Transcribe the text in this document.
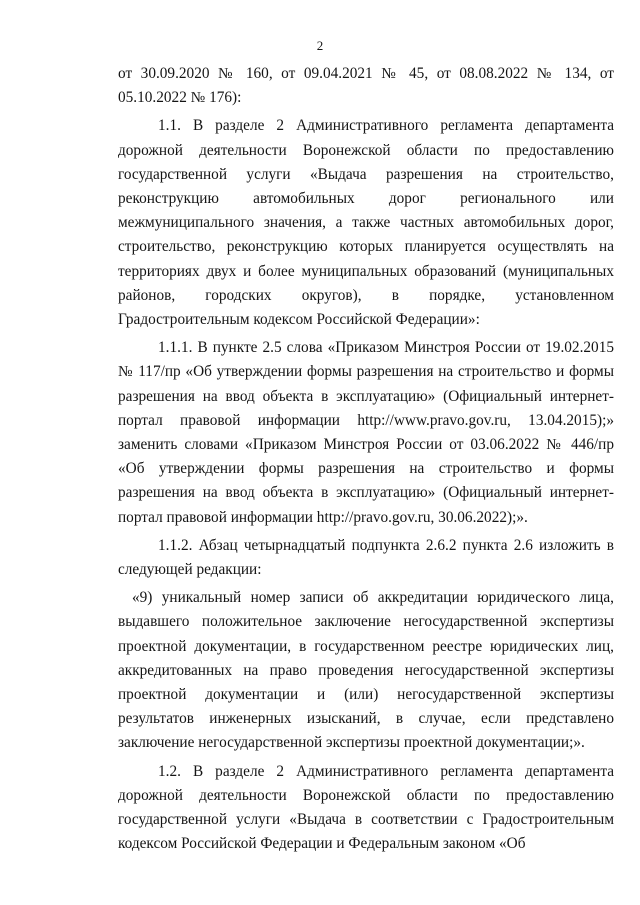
2

от 30.09.2020 № 160, от 09.04.2021 № 45, от 08.08.2022 № 134, от 05.10.2022 № 176):

1.1. В разделе 2 Административного регламента департамента дорожной деятельности Воронежской области по предоставлению государственной услуги «Выдача разрешения на строительство, реконструкцию автомобильных дорог регионального или межмуниципального значения, а также частных автомобильных дорог, строительство, реконструкцию которых планируется осуществлять на территориях двух и более муниципальных образований (муниципальных районов, городских округов), в порядке, установленном Градостроительным кодексом Российской Федерации»:

1.1.1. В пункте 2.5 слова «Приказом Минстроя России от 19.02.2015 № 117/пр «Об утверждении формы разрешения на строительство и формы разрешения на ввод объекта в эксплуатацию» (Официальный интернет-портал правовой информации http://www.pravo.gov.ru, 13.04.2015);» заменить словами «Приказом Минстроя России от 03.06.2022 № 446/пр «Об утверждении формы разрешения на строительство и формы разрешения на ввод объекта в эксплуатацию» (Официальный интернет-портал правовой информации http://pravo.gov.ru, 30.06.2022);».

1.1.2. Абзац четырнадцатый подпункта 2.6.2 пункта 2.6 изложить в следующей редакции:

«9) уникальный номер записи об аккредитации юридического лица, выдавшего положительное заключение негосударственной экспертизы проектной документации, в государственном реестре юридических лиц, аккредитованных на право проведения негосударственной экспертизы проектной документации и (или) негосударственной экспертизы результатов инженерных изысканий, в случае, если представлено заключение негосударственной экспертизы проектной документации;».

1.2. В разделе 2 Административного регламента департамента дорожной деятельности Воронежской области по предоставлению государственной услуги «Выдача в соответствии с Градостроительным кодексом Российской Федерации и Федеральным законом «Об
